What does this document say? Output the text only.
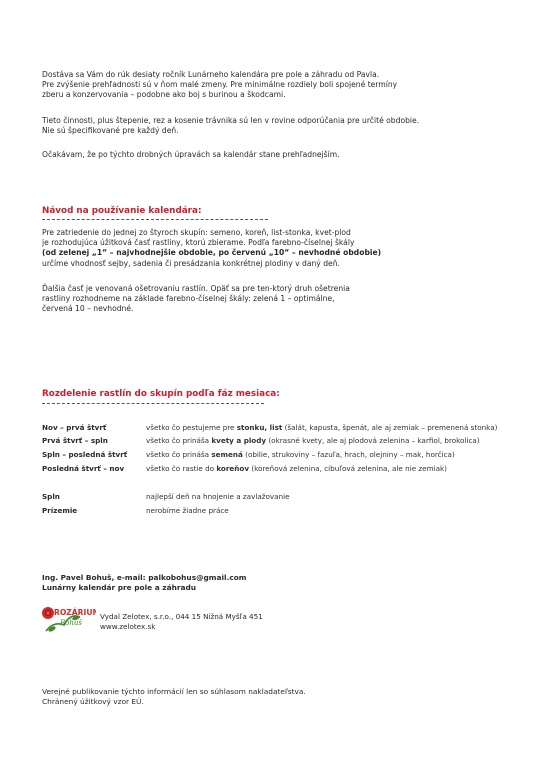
Dostáva sa Vám do rúk desiaty ročník Lunárneho kalendára pre pole a záhradu od Pavla.
Pre zvýšenie prehľadnosti sú v ňom malé zmeny. Pre minimálne rozdiely boli spojené termíny
zberu a konzervovania – podobne ako boj s burinou a škodcami.
Tieto činnosti, plus štepenie, rez a kosenie trávnika sú len v rovine odporúčania pre určité obdobie.
Nie sú špecifikované pre každý deň.
Očakávam, že po týchto drobných úpravách sa kalendár stane prehľadnejším.
Návod na používanie kalendára:
Pre zatriedenie do jednej zo štyroch skupín: semeno, koreň, list-stonka, kvet-plod
je rozhodujúca úžitková časť rastliny, ktorú zbierame. Podľa farebno-číselnej škály
(od zelenej „1“ – najvhodnejšie obdobie, po červenú „10“ – nevhodné obdobie)
určíme vhodnosť sejby, sadenia či presádzania konkrétnej plodiny v daný deň.
Ďalšia časť je venovaná ošetrovaniu rastlín. Opäť sa pre ten-ktorý druh ošetrenia
rastliny rozhodneme na základe farebno-číselnej škály: zelená 1 – optimálne,
červená 10 – nevhodné.
Rozdelenie rastlín do skupín podľa fáz mesiaca:
Nov – prvá štvrť	všetko čo pestujeme pre stonku, list (šalát, kapusta, špenát, ale aj zemiak – premenená stonka)
Prvá štvrť – spln	všetko čo prináša kvety a plody (okrasné kvety, ale aj plodová zelenina – karfiol, brokolica)
Spln – posledná štvrť	všetko čo prináša semená (obilie, strukoviny – fazuľa, hrach, olejniny – mak, horčica)
Posledná štvrť – nov	všetko čo rastie do koreňov (koreňová zelenina, cibuľová zelenina, ale nie zemiak)
Spln	najlepší deň na hnojenie a zavlažovanie
Prízemie	nerobíme žiadne práce
Ing. Pavel Bohuš, e-mail: palkobohus@gmail.com
Lunárny kalendár pre pole a záhradu
ROZÁRIUM
Bohuš
Vydal Zelotex, s.r.o., 044 15 Nižná Myšľa 451
www.zelotex.sk
Verejné publikovanie týchto informácií len so súhlasom nakladateľstva.
Chránený úžitkový vzor EÚ.
